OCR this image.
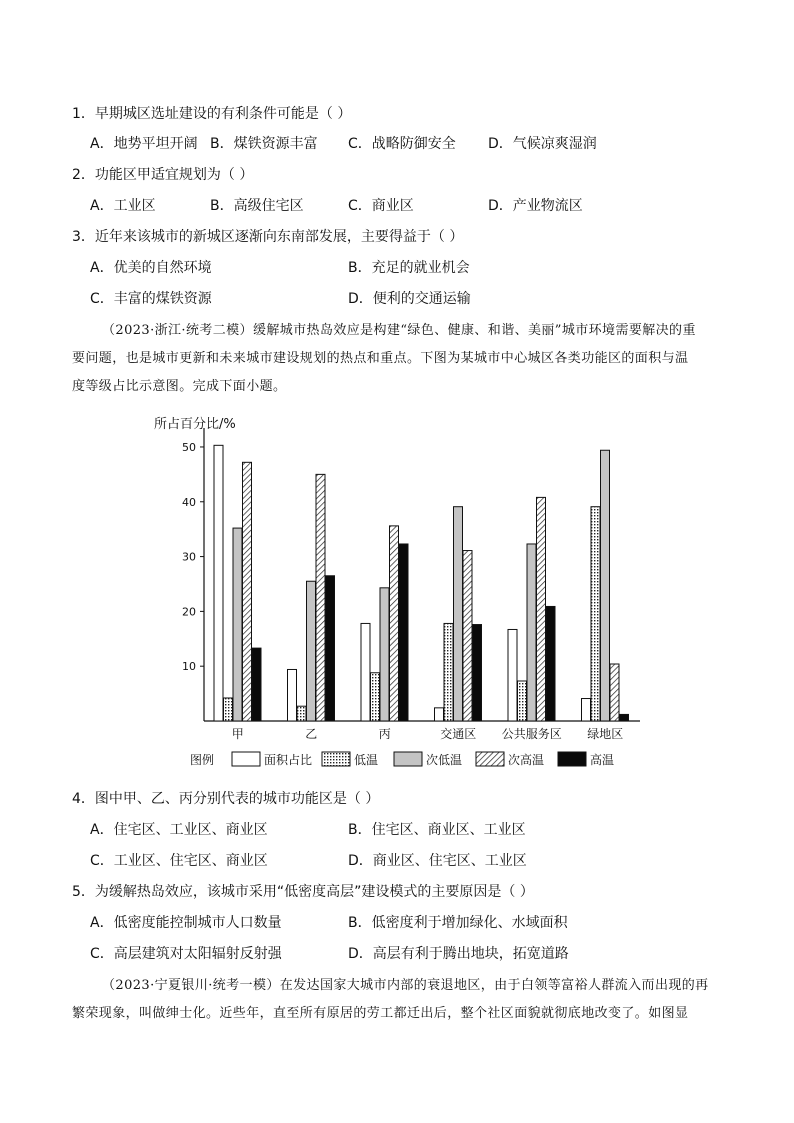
1．早期城区选址建设的有利条件可能是（ ）
A．地势平坦开阔 B．煤铁资源丰富 C．战略防御安全 D．气候凉爽湿润
2．功能区甲适宜规划为（ ）
A．工业区	B．高级住宅区	C．商业区	D．产业物流区
3．近年来该城市的新城区逐渐向东南部发展，主要得益于（ ）
A．优美的自然环境	B．充足的就业机会
C．丰富的煤铁资源	D．便利的交通运输
（2023·浙江·统考二模）缓解城市热岛效应是构建“绿色、健康、和谐、美丽”城市环境需要解决的重
要问题，也是城市更新和未来城市建设规划的热点和重点。下图为某城市中心城区各类功能区的面积与温
度等级占比示意图。完成下面小题。
所占百分比/%
10
20
30
40
50
甲	乙	丙	交通区 公共服务区 绿地区
图例	面积占比	低温	次低温	次高温	高温
4．图中甲、乙、丙分别代表的城市功能区是（ ）
A．住宅区、工业区、商业区	B．住宅区、商业区、工业区
C．工业区、住宅区、商业区	D．商业区、住宅区、工业区
5．为缓解热岛效应，该城市采用“低密度高层”建设模式的主要原因是（ ）
A．低密度能控制城市人口数量	B．低密度利于增加绿化、水域面积
C．高层建筑对太阳辐射反射强	D．高层有利于腾出地块，拓宽道路
（2023·宁夏银川·统考一模）在发达国家大城市内部的衰退地区，由于白领等富裕人群流入而出现的再
繁荣现象，叫做绅士化。近些年，直至所有原居的劳工都迁出后，整个社区面貌就彻底地改变了。如图显
